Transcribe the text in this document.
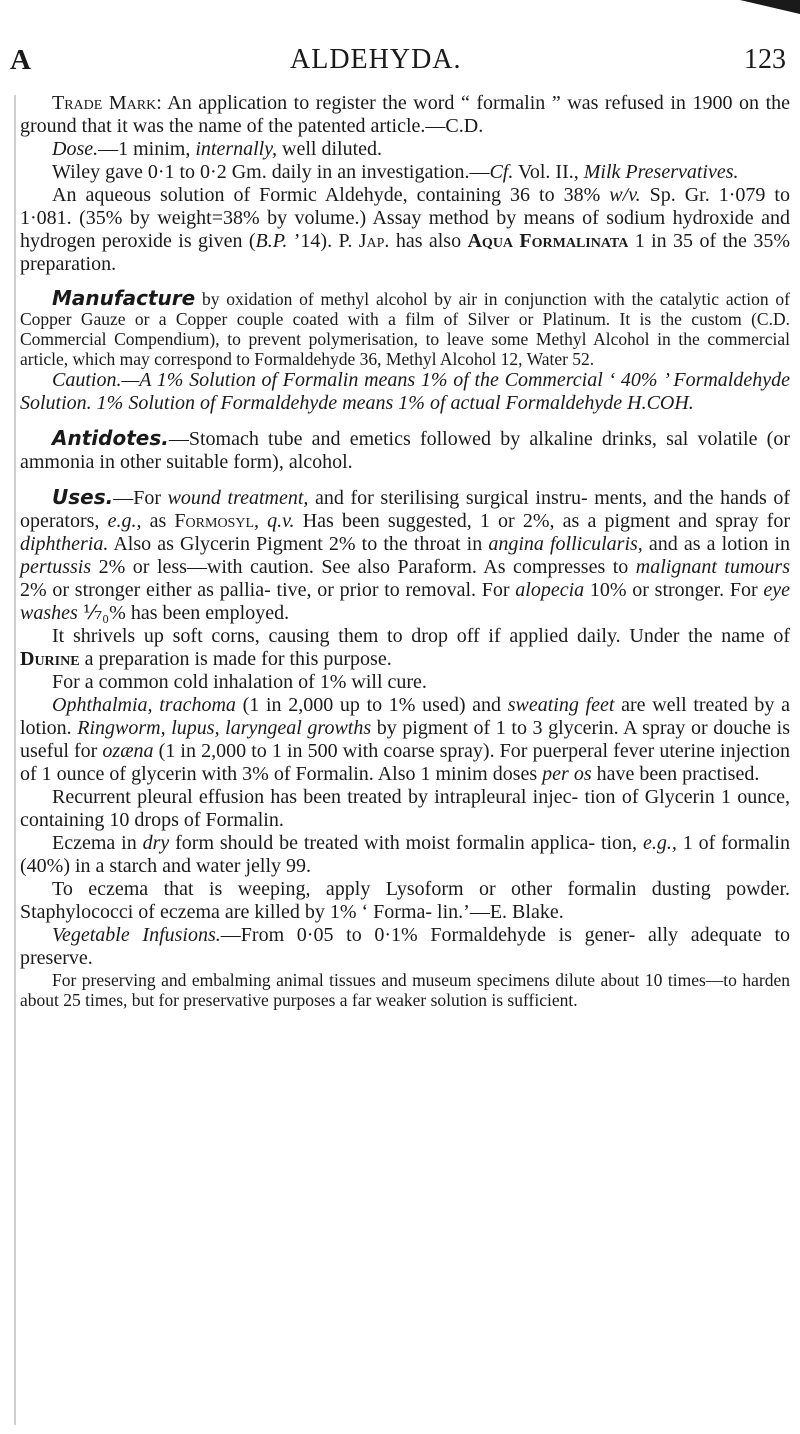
A	ALDEHYDA.	123

Trade Mark: An application to register the word “ formalin ” was refused in 1900 on the ground that it was the name of the patented article.—C.D.

Dose.—1 minim, internally, well diluted.

Wiley gave 0·1 to 0·2 Gm. daily in an investigation.—Cf. Vol. II., Milk Preservatives.

An aqueous solution of Formic Aldehyde, containing 36 to 38% w/v. Sp. Gr. 1·079 to 1·081. (35% by weight=38% by volume.) Assay method by means of sodium hydroxide and hydrogen peroxide is given (B.P. ’14). P. Jap. has also Aqua Formalinata 1 in 35 of the 35% preparation.

Manufacture by oxidation of methyl alcohol by air in conjunction with the catalytic action of Copper Gauze or a Copper couple coated with a film of Silver or Platinum. It is the custom (C.D. Commercial Compendium), to prevent polymerisation, to leave some Methyl Alcohol in the commercial article, which may correspond to Formaldehyde 36, Methyl Alcohol 12, Water 52.

Caution.—A 1% Solution of Formalin means 1% of the Commercial ‘ 40% ’ Formaldehyde Solution. 1% Solution of Formaldehyde means 1% of actual Formaldehyde H.COH.

Antidotes.—Stomach tube and emetics followed by alkaline drinks, sal volatile (or ammonia in other suitable form), alcohol.

Uses.—For wound treatment, and for sterilising surgical instru- ments, and the hands of operators, e.g., as Formosyl, q.v. Has been suggested, 1 or 2%, as a pigment and spray for diphtheria. Also as Glycerin Pigment 2% to the throat in angina follicularis, and as a lotion in pertussis 2% or less—with caution. See also Paraform. As compresses to malignant tumours 2% or stronger either as pallia- tive, or prior to removal. For alopecia 10% or stronger. For eye washes ⅐₀% has been employed.

It shrivels up soft corns, causing them to drop off if applied daily. Under the name of Durine a preparation is made for this purpose.

For a common cold inhalation of 1% will cure.

Ophthalmia, trachoma (1 in 2,000 up to 1% used) and sweating feet are well treated by a lotion. Ringworm, lupus, laryngeal growths by pigment of 1 to 3 glycerin. A spray or douche is useful for ozæna (1 in 2,000 to 1 in 500 with coarse spray). For puerperal fever uterine injection of 1 ounce of glycerin with 3% of Formalin. Also 1 minim doses per os have been practised.

Recurrent pleural effusion has been treated by intrapleural injec- tion of Glycerin 1 ounce, containing 10 drops of Formalin.

Eczema in dry form should be treated with moist formalin applica- tion, e.g., 1 of formalin (40%) in a starch and water jelly 99.

To eczema that is weeping, apply Lysoform or other formalin dusting powder. Staphylococci of eczema are killed by 1% ‘ Forma- lin.’—E. Blake.

Vegetable Infusions.—From 0·05 to 0·1% Formaldehyde is gener- ally adequate to preserve.

For preserving and embalming animal tissues and museum specimens dilute about 10 times—to harden about 25 times, but for preservative purposes a far weaker solution is sufficient.
